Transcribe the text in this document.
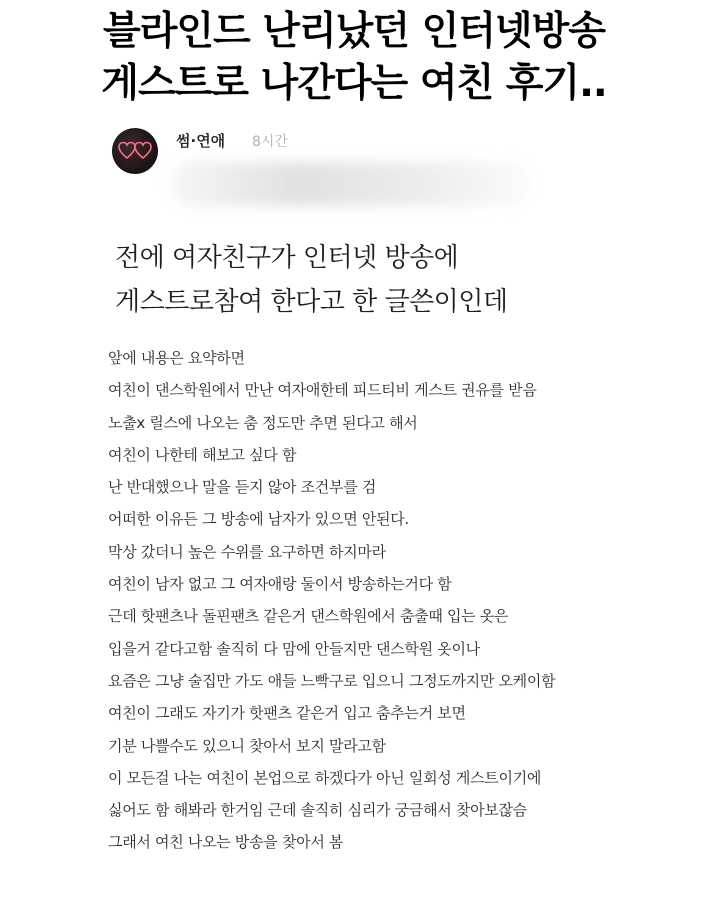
블라인드 난리났던 인터넷방송
게스트로 나간다는 여친 후기..
썸·연애 8시간
전에 여자친구가 인터넷 방송에
게스트로참여 한다고 한 글쓴이인데
앞에 내용은 요약하면
여친이 댄스학원에서 만난 여자애한테 피드티비 게스트 권유를 받음
노출x 릴스에 나오는 춤 정도만 추면 된다고 해서
여친이 나한테 해보고 싶다 함
난 반대했으나 말을 듣지 않아 조건부를 검
어떠한 이유든 그 방송에 남자가 있으면 안된다.
막상 갔더니 높은 수위를 요구하면 하지마라
여친이 남자 없고 그 여자애랑 둘이서 방송하는거다 함
근데 핫팬츠나 돌핀팬츠 같은거 댄스학원에서 춤출때 입는 옷은
입을거 같다고함 솔직히 다 맘에 안들지만 댄스학원 옷이나
요즘은 그냥 술집만 가도 애들 느빡구로 입으니 그정도까지만 오케이함
여친이 그래도 자기가 핫팬츠 같은거 입고 춤추는거 보면
기분 나쁠수도 있으니 찾아서 보지 말라고함
이 모든걸 나는 여친이 본업으로 하겠다가 아닌 일회성 게스트이기에
싫어도 함 해봐라 한거임 근데 솔직히 심리가 궁금해서 찾아보잖슴
그래서 여친 나오는 방송을 찾아서 봄
